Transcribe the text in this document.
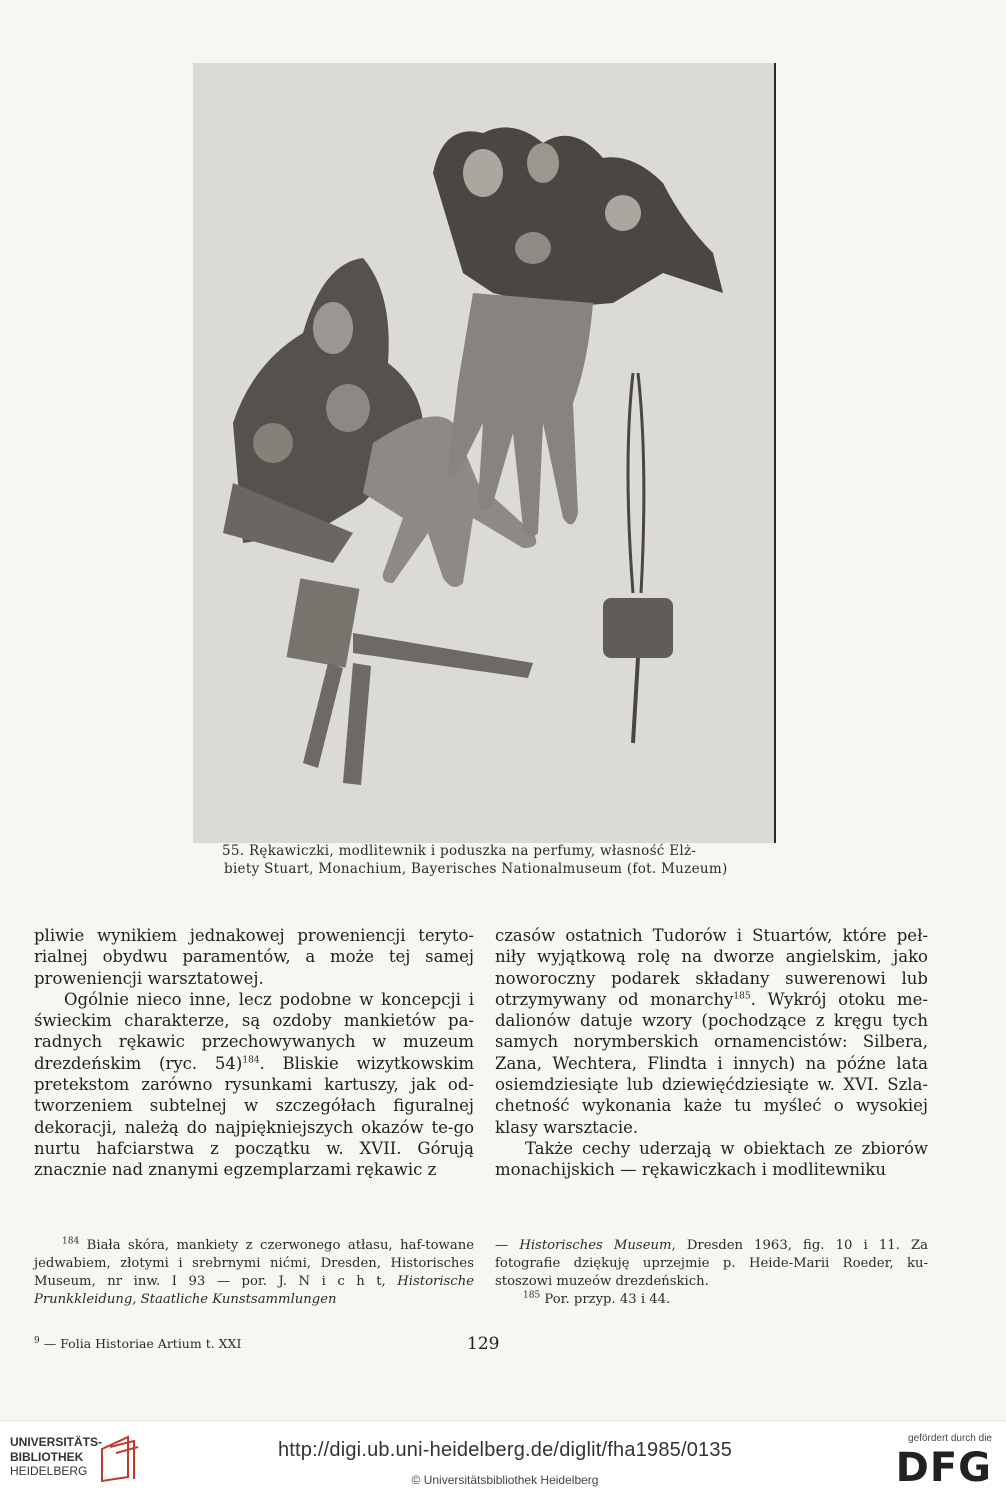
55. Rękawiczki, modlitewnik i poduszka na perfumy, własność Elż-

biety Stuart, Monachium, Bayerisches Nationalmuseum (fot. Muzeum)

pliwie wynikiem jednakowej proweniencji teryto-rialnej obydwu paramentów, a może tej samej proweniencji warsztatowej.

Ogólnie nieco inne, lecz podobne w koncepcji i świeckim charakterze, są ozdoby mankietów pa-radnych rękawic przechowywanych w muzeum drezdeńskim (ryc. 54)$^{184}$. Bliskie wizytkowskim pretekstom zarówno rysunkami kartuszy, jak od-tworzeniem subtelnej w szczegółach figuralnej dekoracji, należą do najpiękniejszych okazów te-go nurtu hafciarstwa z początku w. XVII. Górują znacznie nad znanymi egzemplarzami rękawic z

czasów ostatnich Tudorów i Stuartów, które peł-niły wyjątkową rolę na dworze angielskim, jako noworoczny podarek składany suwerenowi lub otrzymywany od monarchy$^{185}$. Wykrój otoku me-dalionów datuje wzory (pochodzące z kręgu tych samych norymberskich ornamencistów: Silbera, Zana, Wechtera, Flindta i innych) na późne lata osiemdziesiąte lub dziewięćdziesiąte w. XVI. Szla-chetność wykonania każe tu myśleć o wysokiej klasy warsztacie.

Także cechy uderzają w obiektach ze zbiorów monachijskich — rękawiczkach i modlitewniku

$^{184}$ Biała skóra, mankiety z czerwonego atłasu, haf-towane jedwabiem, złotymi i srebrnymi nićmi, Dresden, Historisches Museum, nr inw. I 93 — por. J. N i c h t, Historische Prunkkleidung, Staatliche Kunstsammlungen

— Historisches Museum, Dresden 1963, fig. 10 i 11. Za fotografie dziękuję uprzejmie p. Heide-Marii Roeder, ku-stoszowi muzeów drezdeńskich.

$^{185}$ Por. przyp. 43 i 44.

$^9$ — Folia Historiae Artium t. XXI	129
UNIVERSITÄTS-
BIBLIOTHEK
HEIDELBERG
http://digi.ub.uni-heidelberg.de/diglit/fha1985/0135
© Universitätsbibliothek Heidelberg
gefördert durch die
DFG
